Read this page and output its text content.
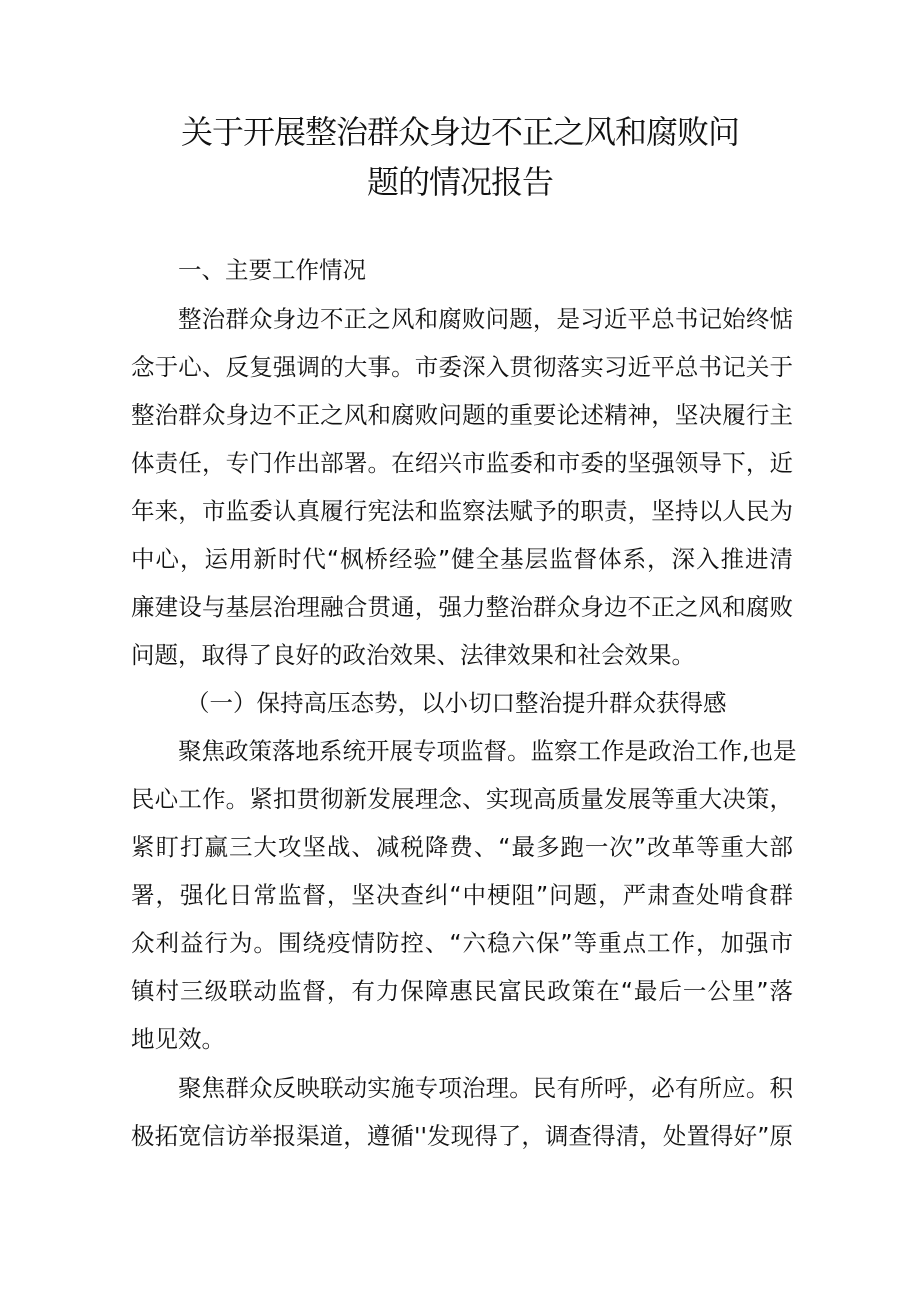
关于开展整治群众身边不正之风和腐败问
题的情况报告
一、主要工作情况
整治群众身边不正之风和腐败问题，是习近平总书记始终惦
念于心、反复强调的大事。市委深入贯彻落实习近平总书记关于
整治群众身边不正之风和腐败问题的重要论述精神，坚决履行主
体责任，专门作出部署。在绍兴市监委和市委的坚强领导下，近
年来，市监委认真履行宪法和监察法赋予的职责，坚持以人民为
中心，运用新时代“枫桥经验”健全基层监督体系，深入推进清
廉建设与基层治理融合贯通，强力整治群众身边不正之风和腐败
问题，取得了良好的政治效果、法律效果和社会效果。
（一）保持高压态势，以小切口整治提升群众获得感
聚焦政策落地系统开展专项监督。监察工作是政治工作,也是
民心工作。紧扣贯彻新发展理念、实现高质量发展等重大决策，
紧盯打赢三大攻坚战、减税降费、“最多跑一次”改革等重大部
署，强化日常监督，坚决查纠“中梗阻”问题，严肃查处啃食群
众利益行为。围绕疫情防控、“六稳六保”等重点工作，加强市
镇村三级联动监督，有力保障惠民富民政策在“最后一公里”落
地见效。
聚焦群众反映联动实施专项治理。民有所呼，必有所应。积
极拓宽信访举报渠道，遵循''发现得了，调查得清，处置得好”原
